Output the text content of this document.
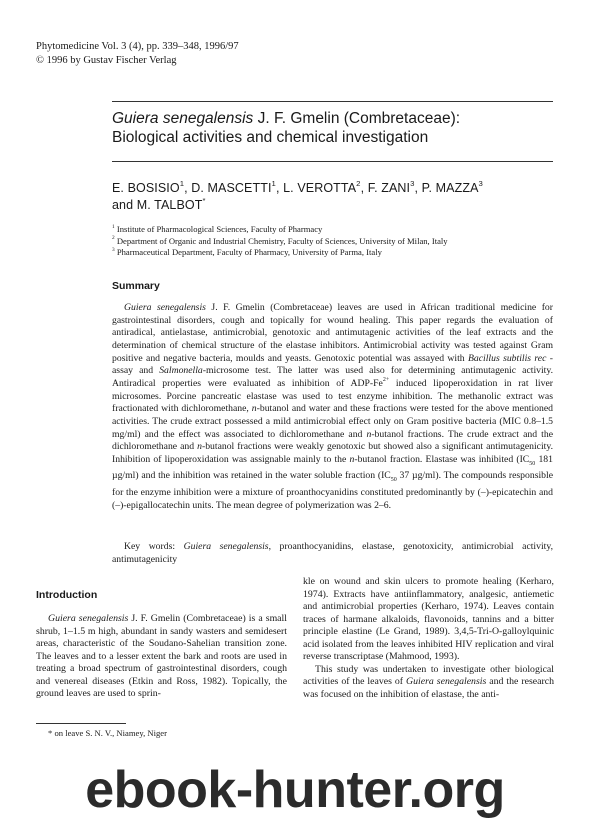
Phytomedicine Vol. 3 (4), pp. 339–348, 1996/97
© 1996 by Gustav Fischer Verlag
Guiera senegalensis J. F. Gmelin (Combretaceae):
Biological activities and chemical investigation
E. BOSISIO$^1$, D. MASCETTI$^1$, L. VEROTTA$^2$, F. ZANI$^3$, P. MAZZA$^3$
and M. TALBOT*
$^1$ Institute of Pharmacological Sciences, Faculty of Pharmacy
$^2$ Department of Organic and Industrial Chemistry, Faculty of Sciences, University of Milan, Italy
$^3$ Pharmaceutical Department, Faculty of Pharmacy, University of Parma, Italy
Summary

Guiera senegalensis J. F. Gmelin (Combretaceae) leaves are used in African traditional medicine for gastrointestinal disorders, cough and topically for wound healing. This paper regards the evaluation of antiradical, antielastase, antimicrobial, genotoxic and antimutagenic activities of the leaf extracts and the determination of chemical structure of the elastase inhibitors. Antimicrobial activity was tested against Gram positive and negative bacteria, moulds and yeasts. Genotoxic potential was assayed with Bacillus subtilis rec -assay and Salmonella-microsome test. The latter was used also for determining antimutagenic activity. Antiradical properties were evaluated as inhibition of ADP-$Fe^{2+}$ induced lipoperoxidation in rat liver microsomes. Porcine pancreatic elastase was used to test enzyme inhibition. The methanolic extract was fractionated with dichloromethane, n-butanol and water and these fractions were tested for the above mentioned activities. The crude extract possessed a mild antimicrobial effect only on Gram positive bacteria (MIC 0.8–1.5 mg/ml) and the effect was associated to dichloromethane and n-butanol fractions. The crude extract and the dichloromethane and n-butanol fractions were weakly genotoxic but showed also a significant antimutagenicity. Inhibition of lipoperoxidation was assignable mainly to the n-butanol fraction. Elastase was inhibited ($IC_{50}$ 181 µg/ml) and the inhibition was retained in the water soluble fraction ($IC_{50}$ 37 µg/ml). The compounds responsible for the enzyme inhibition were a mixture of proanthocyanidins constituted predominantly by (–)-epicatechin and (–)-epigallocatechin units. The mean degree of polymerization was 2–6.

Key words: Guiera senegalensis, proanthocyanidins, elastase, genotoxicity, antimicrobial activity, antimutagenicity
Introduction

Guiera senegalensis J. F. Gmelin (Combretaceae) is a small shrub, 1–1.5 m high, abundant in sandy wasters and semidesert areas, characteristic of the Soudano-Sahelian transition zone. The leaves and to a lesser extent the bark and roots are used in treating a broad spectrum of gastrointestinal disorders, cough and venereal diseases (Etkin and Ross, 1982). Topically, the ground leaves are used to sprin-

kle on wound and skin ulcers to promote healing (Kerharo, 1974). Extracts have antiinflammatory, analgesic, antiemetic and antimicrobial properties (Kerharo, 1974). Leaves contain traces of harmane alkaloids, flavonoids, tannins and a bitter principle elastine (Le Grand, 1989). 3,4,5-Tri-O-galloylquinic acid isolated from the leaves inhibited HIV replication and viral reverse transcriptase (Mahmood, 1993).

This study was undertaken to investigate other biological activities of the leaves of Guiera senegalensis and the research was focused on the inhibition of elastase, the anti-

* on leave S. N. V., Niamey, Niger
ebook-hunter.org
